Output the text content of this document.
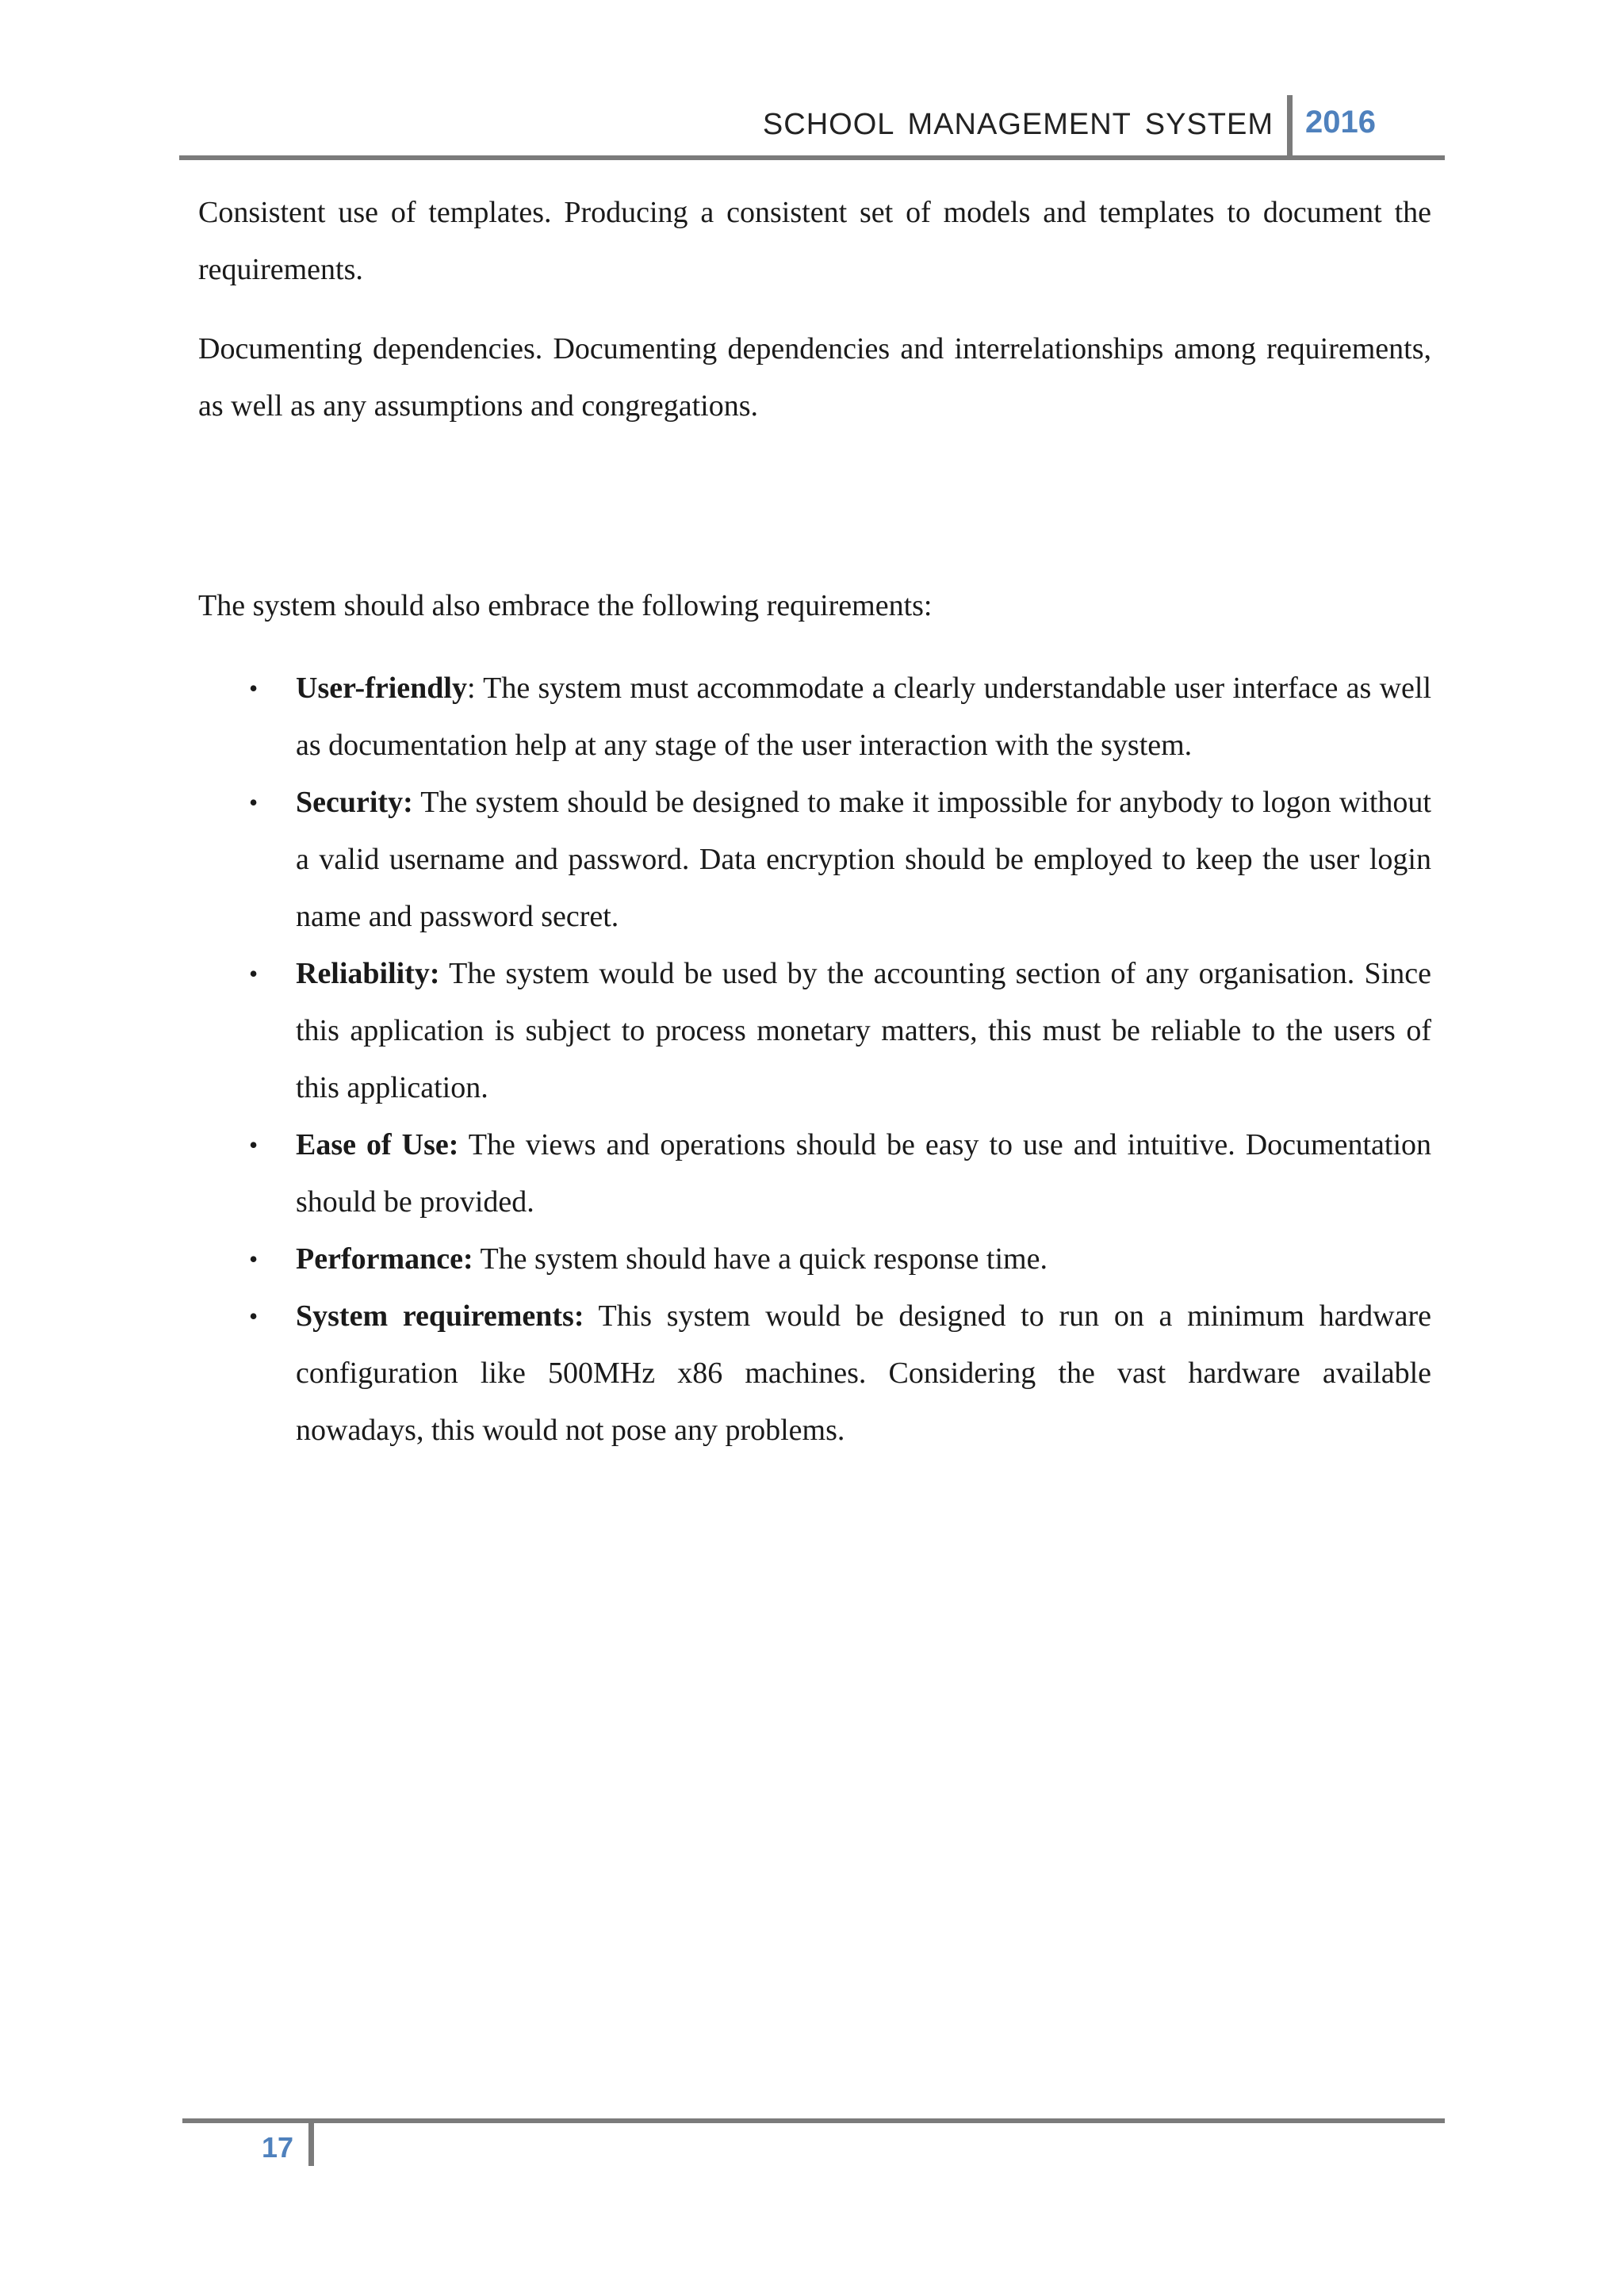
SCHOOL MANAGEMENT SYSTEM 2016

Consistent use of templates. Producing a consistent set of models and templates to document the requirements.

Documenting dependencies. Documenting dependencies and interrelationships among requirements, as well as any assumptions and congregations.

The system should also embrace the following requirements:

• User-friendly: The system must accommodate a clearly understandable user interface as well as documentation help at any stage of the user interaction with the system.
• Security: The system should be designed to make it impossible for anybody to logon without a valid username and password. Data encryption should be employed to keep the user login name and password secret.
• Reliability: The system would be used by the accounting section of any organisation. Since this application is subject to process monetary matters, this must be reliable to the users of this application.
• Ease of Use: The views and operations should be easy to use and intuitive. Documentation should be provided.
• Performance: The system should have a quick response time.
• System requirements: This system would be designed to run on a minimum hardware configuration like 500MHz x86 machines. Considering the vast hardware available nowadays, this would not pose any problems.
17
